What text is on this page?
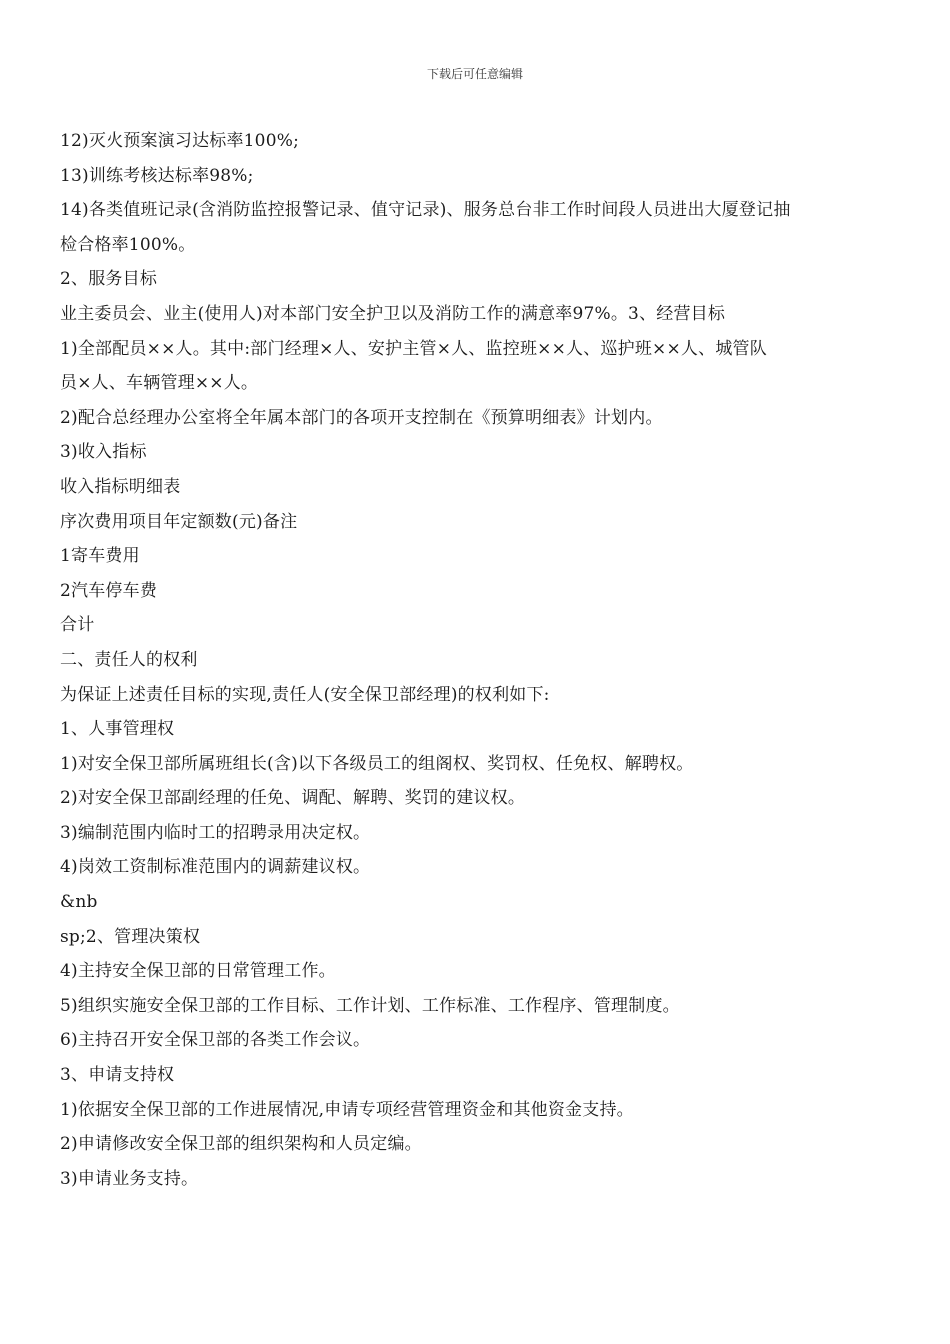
下载后可任意编辑
12)灭火预案演习达标率100%;
13)训练考核达标率98%;
14)各类值班记录(含消防监控报警记录、值守记录)、服务总台非工作时间段人员进出大厦登记抽
检合格率100%。
2、服务目标
业主委员会、业主(使用人)对本部门安全护卫以及消防工作的满意率97%。3、经营目标
1)全部配员××人。其中:部门经理×人、安护主管×人、监控班××人、巡护班××人、城管队
员×人、车辆管理××人。
2)配合总经理办公室将全年属本部门的各项开支控制在《预算明细表》计划内。
3)收入指标
收入指标明细表
序次费用项目年定额数(元)备注
1寄车费用
2汽车停车费
合计
二、责任人的权利
为保证上述责任目标的实现,责任人(安全保卫部经理)的权利如下:
1、人事管理权
1)对安全保卫部所属班组长(含)以下各级员工的组阁权、奖罚权、任免权、解聘权。
2)对安全保卫部副经理的任免、调配、解聘、奖罚的建议权。
3)编制范围内临时工的招聘录用决定权。
4)岗效工资制标准范围内的调薪建议权。
&nb
sp;2、管理决策权
4)主持安全保卫部的日常管理工作。
5)组织实施安全保卫部的工作目标、工作计划、工作标准、工作程序、管理制度。
6)主持召开安全保卫部的各类工作会议。
3、申请支持权
1)依据安全保卫部的工作进展情况,申请专项经营管理资金和其他资金支持。
2)申请修改安全保卫部的组织架构和人员定编。
3)申请业务支持。
